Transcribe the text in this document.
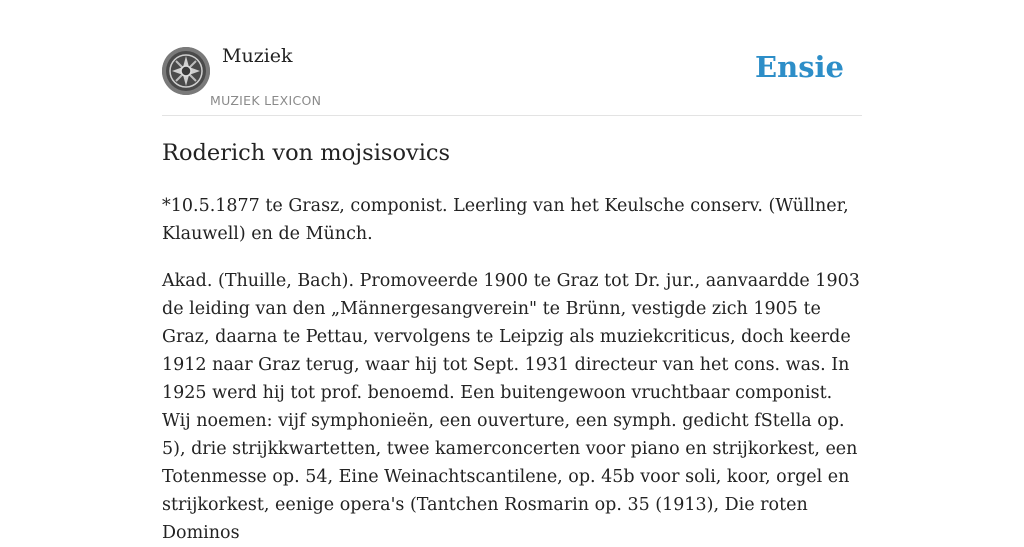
Muziek
MUZIEK LEXICON
Ensie
Roderich von mojsisovics

*10.5.1877 te Grasz, componist. Leerling van het Keulsche conserv. (Wüllner, Klauwell) en de Münch.

Akad. (Thuille, Bach). Promoveerde 1900 te Graz tot Dr. jur., aanvaardde 1903 de leiding van den „Männergesangverein" te Brünn, vestigde zich 1905 te Graz, daarna te Pettau, vervolgens te Leipzig als muziekcriticus, doch keerde 1912 naar Graz terug, waar hij tot Sept. 1931 directeur van het cons. was. In 1925 werd hij tot prof. benoemd. Een buitengewoon vruchtbaar componist. Wij noemen: vijf symphonieën, een ouverture, een symph. gedicht fStella op. 5), drie strijkkwartetten, twee kamerconcerten voor piano en strijkorkest, een Totenmesse op. 54, Eine Weinachtscantilene, op. 45b voor soli, koor, orgel en strijkorkest, eenige opera's (Tantchen Rosmarin op. 35 (1913), Die roten Dominos
